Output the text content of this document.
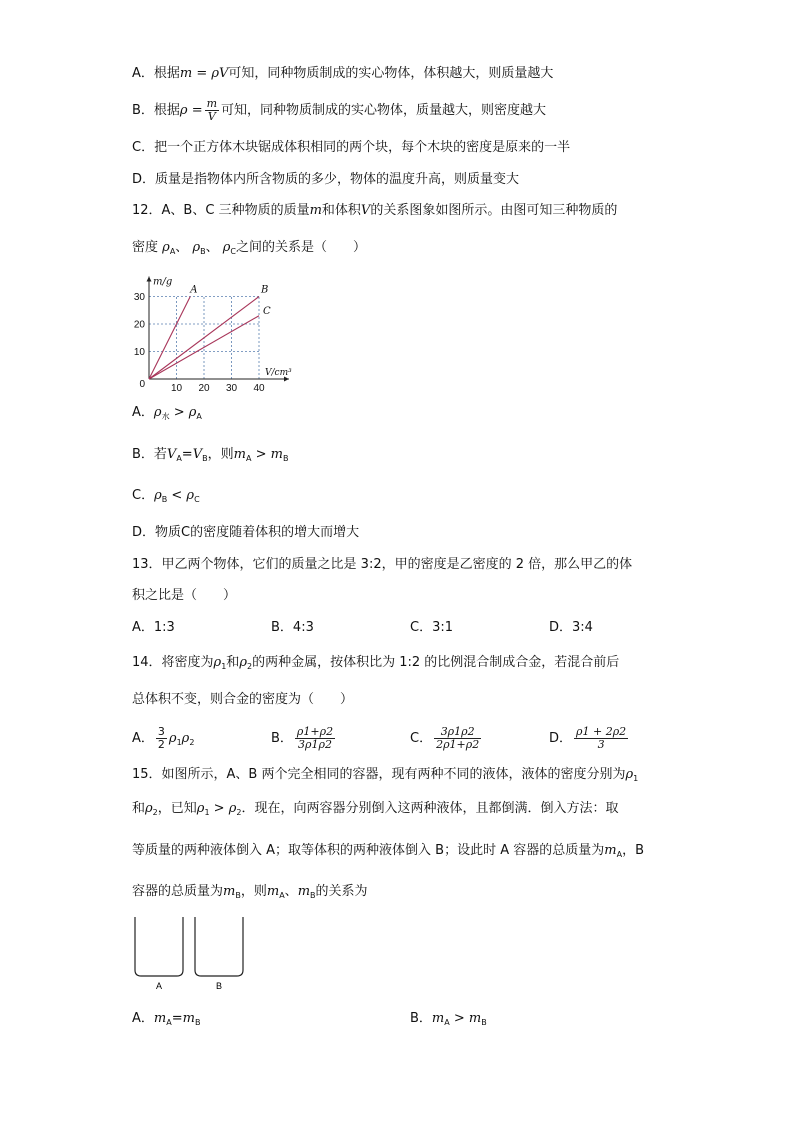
A．根据m = ρV可知，同种物质制成的实心物体，体积越大，则质量越大
B．根据$\rho = \frac{m}{V}$ 可知，同种物质制成的实心物体，质量越大，则密度越大
C．把一个正方体木块锯成体积相同的两个块，每个木块的密度是原来的一半
D．质量是指物体内所含物质的多少，物体的温度升高，则质量变大
12．A、B、C 三种物质的质量m和体积V的关系图象如图所示。由图可知三种物质的
密度 $\rho_A$、 $\rho_B$、 $\rho_C$之间的关系是（　　）
A	B
C
10 20 30 40
10
20
30
0
m/g
V/cm³
A．$\rho_水 > \rho_A$
B．若$V_A=V_B$，则$m_A > m_B$
C．$\rho_B < \rho_C$
D．物质C的密度随着体积的增大而增大
13．甲乙两个物体，它们的质量之比是 3:2，甲的密度是乙密度的 2 倍，那么甲乙的体
积之比是（　　）
A．1:3	B．4:3	C．3:1	D．3:4
14．将密度为$\rho_1$和$\rho_2$的两种金属，按体积比为 1:2 的比例混合制成合金，若混合前后
总体积不变，则合金的密度为（　　）
A． $\frac{3}{2} \rho_1\rho_2$	B． $\frac{\rho 1+\rho 2}{3\rho 1\rho 2}$	C． $\frac{3\rho 1\rho 2}{2\rho 1+\rho 2}$	D． $\frac{\rho 1 + 2\rho 2}{3}$
15．如图所示，A、B 两个完全相同的容器，现有两种不同的液体，液体的密度分别为$\rho_1$
和$\rho_2$，已知$\rho_1 > \rho_2$．现在，向两容器分别倒入这两种液体，且都倒满．倒入方法：取
等质量的两种液体倒入 A；取等体积的两种液体倒入 B；设此时 A 容器的总质量为$m_A$，B
容器的总质量为$m_B$，则$m_A$、$m_B$的关系为
A	B
A．$m_A=m_B$	B．$m_A > m_B$
